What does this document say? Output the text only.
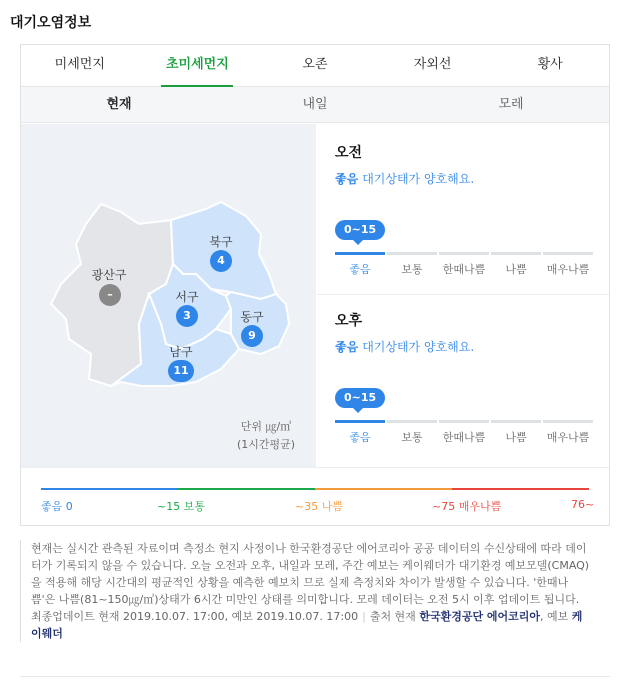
대기오염정보
미세먼지	초미세먼지	오존	자외선	황사
현재	내일	모레
광산구
–
북구
4
서구
3	동구
9
남구
11
단위 ㎍/㎥
(1시간평균)
오전
좋음 대기상태가 양호해요.
0~15
좋음	보통	한때나쁨	나쁨	매우나쁨
오후
좋음 대기상태가 양호해요.
0~15
좋음	보통	한때나쁨	나쁨	매우나쁨
좋음 0	~15 보통	~35 나쁨	~75 매우나쁨	76~

현재는 실시간 관측된 자료이며 측정소 현지 사정이나 한국환경공단 에어코리아 공공 데이터의 수신상태에 따라 데이터가 기록되지 않을 수 있습니다. 오늘 오전과 오후, 내일과 모레, 주간 예보는 케이웨더가 대기환경 예보모델(CMAQ)을 적용해 해당 시간대의 평균적인 상황을 예측한 예보치 므로 실제 측정치와 차이가 발생할 수 있습니다. '한때나쁨'은 나쁨(81~150㎍/㎥)상태가 6시간 미만인 상태를 의미합니다. 모레 데이터는 오전 5시 이후 업데이트 됩니다.

최종업데이트 현재 2019.10.07. 17:00, 예보 2019.10.07. 17:00 | 출처 현재 한국환경공단 에어코리아, 예보 케이웨더
